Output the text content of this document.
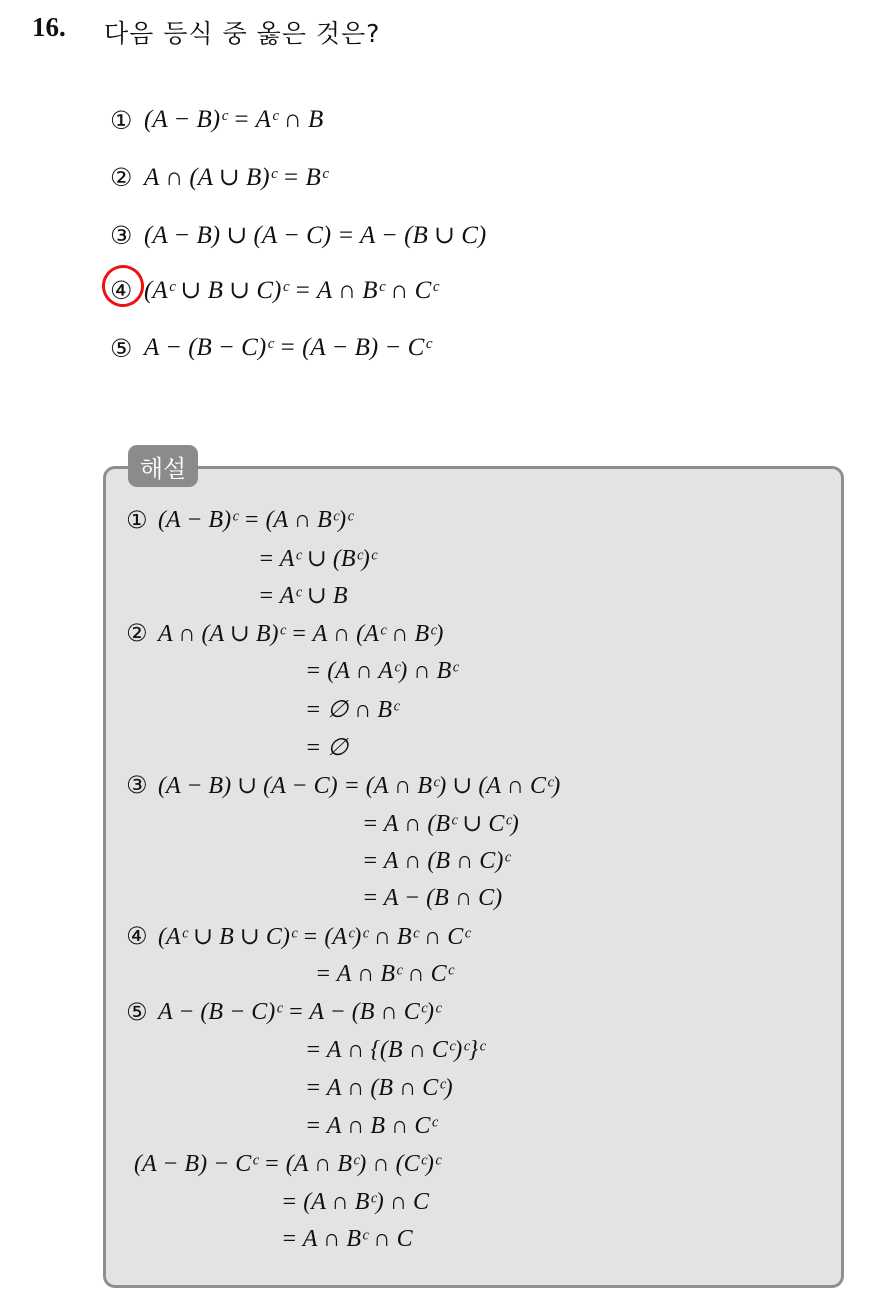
16. 다음 등식 중 옳은 것은?
① (A − B)ᶜ = Aᶜ ∩ B
② A ∩ (A ∪ B)ᶜ = Bᶜ
③ (A − B) ∪ (A − C) = A − (B ∪ C)
④ (Aᶜ ∪ B ∪ C)ᶜ = A ∩ Bᶜ ∩ Cᶜ
⑤ A − (B − C)ᶜ = (A − B) − Cᶜ
해설
① (A − B)ᶜ = (A ∩ Bᶜ)ᶜ
= Aᶜ ∪ (Bᶜ)ᶜ
= Aᶜ ∪ B
② A ∩ (A ∪ B)ᶜ = A ∩ (Aᶜ ∩ Bᶜ)
= (A ∩ Aᶜ) ∩ Bᶜ
= ∅ ∩ Bᶜ
= ∅
③ (A − B) ∪ (A − C) = (A ∩ Bᶜ) ∪ (A ∩ Cᶜ)
= A ∩ (Bᶜ ∪ Cᶜ)
= A ∩ (B ∩ C)ᶜ
= A − (B ∩ C)
④ (Aᶜ ∪ B ∪ C)ᶜ = (Aᶜ)ᶜ ∩ Bᶜ ∩ Cᶜ
= A ∩ Bᶜ ∩ Cᶜ
⑤ A − (B − C)ᶜ = A − (B ∩ Cᶜ)ᶜ
= A ∩ {(B ∩ Cᶜ)ᶜ}ᶜ
= A ∩ (B ∩ Cᶜ)
= A ∩ B ∩ Cᶜ
(A − B) − Cᶜ = (A ∩ Bᶜ) ∩ (Cᶜ)ᶜ
= (A ∩ Bᶜ) ∩ C
= A ∩ Bᶜ ∩ C
